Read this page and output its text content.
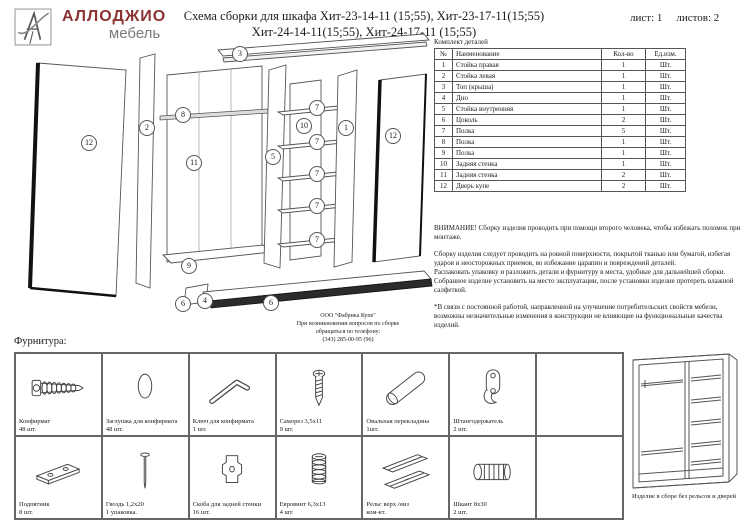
АЛЛОДЖИО
мебель
Схема сборки для шкафа Хит-23-14-11 (15;55), Хит-23-17-11(15;55)
Хит-24-14-11(15;55), Хит-24-17-11 (15;55)
лист: 1 листов: 2
Комплект деталей
№	Наименование	Кол-во	Ед.изм.
1	Стойка правая	1	Шт.
2	Стойка левая	1	Шт.
3	Топ (крыша)	1	Шт.
4	Дно	1	Шт.
5	Стойка внутренняя	1	Шт.
6	Цоколь	2	Шт.
7	Полка	5	Шт.
8	Полка	1	Шт.
9	Полка	1	Шт.
10	Задняя стенка	1	Шт.
11	Задняя стенка	2	Шт.
12	Дверь купе	2	Шт.

ВНИМАНИЕ! Сборку изделия проводить при помощи второго человека, чтобы избежать поломок при монтаже.

Сборку изделия следует проводить на ровной поверхности, покрытой тканью или бумагой, избегая ударов и неосторожных приемов, во избежание царапин и повреждений деталей.

Распаковать упаковку и разложить детали и фурнитуру в места, удобные для дальнейшей сборки.

Собранное изделие установить на место эксплуатации, после установки изделие протереть влажной салфеткой.

*В связи с постоянной работой, направленной на улучшение потребительских свойств мебели, возможны незначительные изменения в конструкции не влияющие на функциональные качества изделий.

3
2
8
12
11
9
5
10
7
7
7
7
7
1
12
6	4	6
ООО "Фабрика Купе"
При возникновении вопросов по сборке
обращаться по телефону:
(343) 285-00-95 (96)
Фурнитура:
Конфирмат
48 шт.
Заглушка для конфирмата
48 шт.
Ключ для конфирмата
1 шт.
Саморез 3,5x11
9 шт.
Овальная перекладина
1шт.
Штангодержатель
2 шт.
Подпятник
8 шт.
Гвоздь 1,2x20
1 упаковка.
Скоба для задней стенки
16 шт.
Евровинт 6,3x13
4 шт.
Рельс верх /низ
ком-кт.
Шкант 8x30
2 шт.
Изделие в сборе без рельсов и дверей
